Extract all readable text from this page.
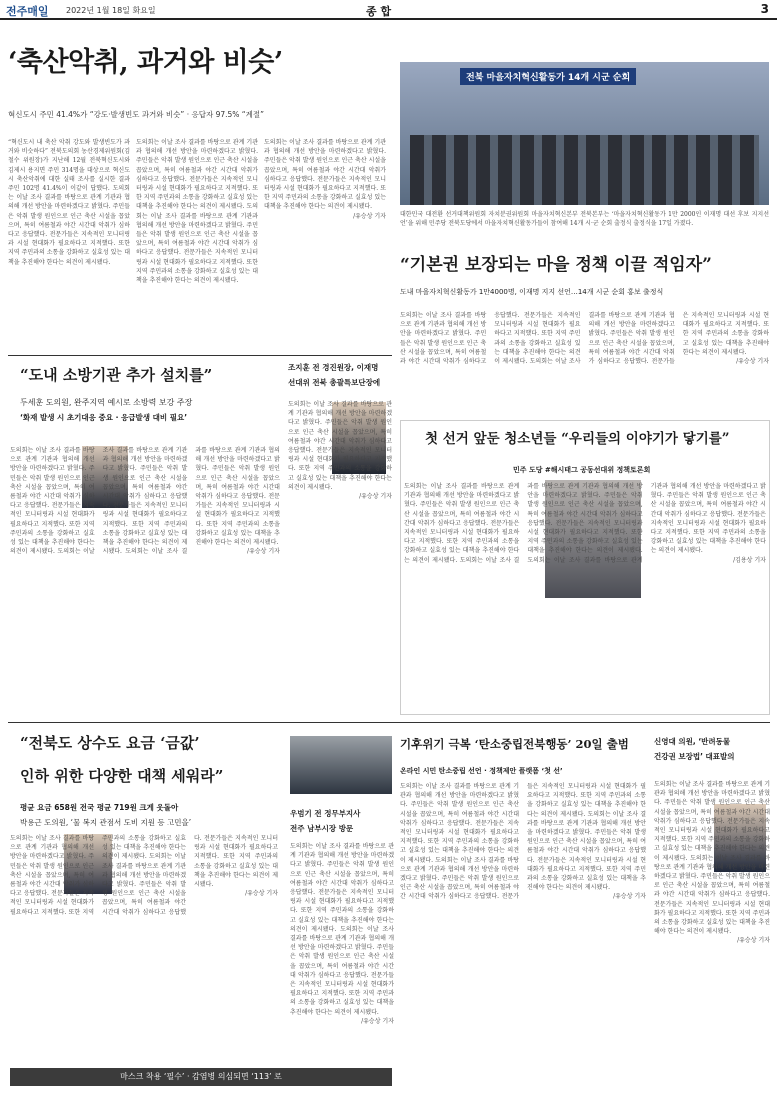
전주매일 2022년 1월 18일 화요일	종 합	3
‘축산악취, 과거와 비슷’
혁신도시 주민 41.4%가 “강도·발생빈도 과거와 비슷” · 응답자 97.5% “계절”
“혁신도시 내 축산 악취 강도와 발생빈도가 과거와 비슷하다” 전북도의회 농산경제위원회(김철수 위원장)가 지난해 12월 전북혁신도시와 김제시 용지면 주민 314명을 대상으로 혁신도시 축산악취에 대한 실태 조사를 실시한 결과 주민 102명 41.4%이 이같이 답했다. 도의회는 이날 조사 결과를 바탕으로 관계 기관과 협의해 개선 방안을 마련하겠다고 밝혔다. 주민들은 악취 발생 원인으로 인근 축산 시설을 꼽았으며, 특히 여름철과 야간 시간대 악취가 심하다고 응답했다. 전문가들은 지속적인 모니터링과 시설 현대화가 필요하다고 지적했다. 또한 지역 주민과의 소통을 강화하고 실효성 있는 대책을 추진해야 한다는 의견이 제시됐다.
도의회는 이날 조사 결과를 바탕으로 관계 기관과 협의해 개선 방안을 마련하겠다고 밝혔다. 주민들은 악취 발생 원인으로 인근 축산 시설을 꼽았으며, 특히 여름철과 야간 시간대 악취가 심하다고 응답했다. 전문가들은 지속적인 모니터링과 시설 현대화가 필요하다고 지적했다. 또한 지역 주민과의 소통을 강화하고 실효성 있는 대책을 추진해야 한다는 의견이 제시됐다. 도의회는 이날 조사 결과를 바탕으로 관계 기관과 협의해 개선 방안을 마련하겠다고 밝혔다. 주민들은 악취 발생 원인으로 인근 축산 시설을 꼽았으며, 특히 여름철과 야간 시간대 악취가 심하다고 응답했다. 전문가들은 지속적인 모니터링과 시설 현대화가 필요하다고 지적했다. 또한 지역 주민과의 소통을 강화하고 실효성 있는 대책을 추진해야 한다는 의견이 제시됐다.
도의회는 이날 조사 결과를 바탕으로 관계 기관과 협의해 개선 방안을 마련하겠다고 밝혔다. 주민들은 악취 발생 원인으로 인근 축산 시설을 꼽았으며, 특히 여름철과 야간 시간대 악취가 심하다고 응답했다. 전문가들은 지속적인 모니터링과 시설 현대화가 필요하다고 지적했다. 또한 지역 주민과의 소통을 강화하고 실효성 있는 대책을 추진해야 한다는 의견이 제시됐다.
/유승상 기자
전북 마을자치혁신활동가 14개 시군 순회
대한민국 대전환 선거대책위원회 자치분권위원회 마을자치혁신본부 전북본부는 ‘마을자치혁신활동가 1만 2000인 이재명 대선 후보 지지선언’을 위해 민주당 전북도당에서 마을자치혁신활동가들이 참여해 14개 시·군 순회 출정식 출정식을 17일 가졌다.
“기본권 보장되는 마을 정책 이끌 적임자”
도내 마을자치혁신활동가 1만4000명, 이재명 지지 선언…14개 시군 순회 홍보 출정식
도의회는 이날 조사 결과를 바탕으로 관계 기관과 협의해 개선 방안을 마련하겠다고 밝혔다. 주민들은 악취 발생 원인으로 인근 축산 시설을 꼽았으며, 특히 여름철과 야간 시간대 악취가 심하다고 응답했다. 전문가들은 지속적인 모니터링과 시설 현대화가 필요하다고 지적했다. 또한 지역 주민과의 소통을 강화하고 실효성 있는 대책을 추진해야 한다는 의견이 제시됐다. 도의회는 이날 조사 결과를 바탕으로 관계 기관과 협의해 개선 방안을 마련하겠다고 밝혔다. 주민들은 악취 발생 원인으로 인근 축산 시설을 꼽았으며, 특히 여름철과 야간 시간대 악취가 심하다고 응답했다. 전문가들은 지속적인 모니터링과 시설 현대화가 필요하다고 지적했다. 또한 지역 주민과의 소통을 강화하고 실효성 있는 대책을 추진해야 한다는 의견이 제시됐다.
/유승상 기자
“도내 소방기관 추가 설치를”
두세훈 도의원, 완주지역 예시로 소방력 보강 주장
‘화재 발생 시 초기대응 중요 · 응급발생 대비 필요’
도의회는 이날 조사 결과를 바탕으로 관계 기관과 협의해 개선 방안을 마련하겠다고 밝혔다. 주민들은 악취 발생 원인으로 인근 축산 시설을 꼽았으며, 특히 여름철과 야간 시간대 악취가 심하다고 응답했다. 전문가들은 지속적인 모니터링과 시설 현대화가 필요하다고 지적했다. 또한 지역 주민과의 소통을 강화하고 실효성 있는 대책을 추진해야 한다는 의견이 제시됐다. 도의회는 이날 조사 결과를 바탕으로 관계 기관과 협의해 개선 방안을 마련하겠다고 밝혔다. 주민들은 악취 발생 원인으로 인근 축산 시설을 꼽았으며, 특히 여름철과 야간 시간대 악취가 심하다고 응답했다. 전문가들은 지속적인 모니터링과 시설 현대화가 필요하다고 지적했다. 또한 지역 주민과의 소통을 강화하고 실효성 있는 대책을 추진해야 한다는 의견이 제시됐다. 도의회는 이날 조사 결과를 바탕으로 관계 기관과 협의해 개선 방안을 마련하겠다고 밝혔다. 주민들은 악취 발생 원인으로 인근 축산 시설을 꼽았으며, 특히 여름철과 야간 시간대 악취가 심하다고 응답했다. 전문가들은 지속적인 모니터링과 시설 현대화가 필요하다고 지적했다. 또한 지역 주민과의 소통을 강화하고 실효성 있는 대책을 추진해야 한다는 의견이 제시됐다.
/유승상 기자
조지훈 전 경진원장, 이재명
선대위 전북 총괄특보단장에
도의회는 이날 조사 결과를 바탕으로 관계 기관과 협의해 개선 방안을 마련하겠다고 밝혔다. 주민들은 악취 발생 원인으로 인근 축산 시설을 꼽았으며, 특히 여름철과 야간 시간대 악취가 심하다고 응답했다. 전문가들은 지속적인 모니터링과 시설 현대화가 필요하다고 지적했다. 또한 지역 주민과의 소통을 강화하고 실효성 있는 대책을 추진해야 한다는 의견이 제시됐다.
/유승상 기자
첫 선거 앞둔 청소년들 “우리들의 이야기가 닿기를”
민주 도당 #해시태그 공동선대위 정책토론회
도의회는 이날 조사 결과를 바탕으로 관계 기관과 협의해 개선 방안을 마련하겠다고 밝혔다. 주민들은 악취 발생 원인으로 인근 축산 시설을 꼽았으며, 특히 여름철과 야간 시간대 악취가 심하다고 응답했다. 전문가들은 지속적인 모니터링과 시설 현대화가 필요하다고 지적했다. 또한 지역 주민과의 소통을 강화하고 실효성 있는 대책을 추진해야 한다는 의견이 제시됐다. 도의회는 이날 조사 결과를 바탕으로 관계 기관과 협의해 개선 방안을 마련하겠다고 밝혔다. 주민들은 악취 발생 원인으로 인근 축산 시설을 꼽았으며, 특히 여름철과 야간 시간대 악취가 심하다고 응답했다. 전문가들은 지속적인 모니터링과 시설 현대화가 필요하다고 지적했다. 또한 지역 주민과의 소통을 강화하고 실효성 있는 대책을 추진해야 한다는 의견이 제시됐다. 도의회는 이날 조사 결과를 바탕으로 관계 기관과 협의해 개선 방안을 마련하겠다고 밝혔다. 주민들은 악취 발생 원인으로 인근 축산 시설을 꼽았으며, 특히 여름철과 야간 시간대 악취가 심하다고 응답했다. 전문가들은 지속적인 모니터링과 시설 현대화가 필요하다고 지적했다. 또한 지역 주민과의 소통을 강화하고 실효성 있는 대책을 추진해야 한다는 의견이 제시됐다.
/김용상 기자
“전북도 상수도 요금 ‘금값’
인하 위한 다양한 대책 세워라”
평균 요금 658원 전국 평균 719원 크게 웃돌아
박용근 도의원, ‘물 복지 관점서 도비 지원 등 고민을’
도의회는 이날 조사 결과를 바탕으로 관계 기관과 협의해 개선 방안을 마련하겠다고 밝혔다. 주민들은 악취 발생 원인으로 인근 축산 시설을 꼽았으며, 특히 여름철과 야간 시간대 악취가 심하다고 응답했다. 전문가들은 지속적인 모니터링과 시설 현대화가 필요하다고 지적했다. 또한 지역 주민과의 소통을 강화하고 실효성 있는 대책을 추진해야 한다는 의견이 제시됐다. 도의회는 이날 조사 결과를 바탕으로 관계 기관과 협의해 개선 방안을 마련하겠다고 밝혔다. 주민들은 악취 발생 원인으로 인근 축산 시설을 꼽았으며, 특히 여름철과 야간 시간대 악취가 심하다고 응답했다. 전문가들은 지속적인 모니터링과 시설 현대화가 필요하다고 지적했다. 또한 지역 주민과의 소통을 강화하고 실효성 있는 대책을 추진해야 한다는 의견이 제시됐다.
/유승상 기자
마스크 착용 ‘필수’ · 감염병 의심되면 ‘113’ 로
우범기 전 정무부지사
전주 남부시장 방문
도의회는 이날 조사 결과를 바탕으로 관계 기관과 협의해 개선 방안을 마련하겠다고 밝혔다. 주민들은 악취 발생 원인으로 인근 축산 시설을 꼽았으며, 특히 여름철과 야간 시간대 악취가 심하다고 응답했다. 전문가들은 지속적인 모니터링과 시설 현대화가 필요하다고 지적했다. 또한 지역 주민과의 소통을 강화하고 실효성 있는 대책을 추진해야 한다는 의견이 제시됐다. 도의회는 이날 조사 결과를 바탕으로 관계 기관과 협의해 개선 방안을 마련하겠다고 밝혔다. 주민들은 악취 발생 원인으로 인근 축산 시설을 꼽았으며, 특히 여름철과 야간 시간대 악취가 심하다고 응답했다. 전문가들은 지속적인 모니터링과 시설 현대화가 필요하다고 지적했다. 또한 지역 주민과의 소통을 강화하고 실효성 있는 대책을 추진해야 한다는 의견이 제시됐다.
/유승상 기자
기후위기 극복 ‘탄소중립전북행동’ 20일 출범
온라인 시민 탄소중립 선언 · 정책제안 플랫폼 ‘첫 선’
도의회는 이날 조사 결과를 바탕으로 관계 기관과 협의해 개선 방안을 마련하겠다고 밝혔다. 주민들은 악취 발생 원인으로 인근 축산 시설을 꼽았으며, 특히 여름철과 야간 시간대 악취가 심하다고 응답했다. 전문가들은 지속적인 모니터링과 시설 현대화가 필요하다고 지적했다. 또한 지역 주민과의 소통을 강화하고 실효성 있는 대책을 추진해야 한다는 의견이 제시됐다. 도의회는 이날 조사 결과를 바탕으로 관계 기관과 협의해 개선 방안을 마련하겠다고 밝혔다. 주민들은 악취 발생 원인으로 인근 축산 시설을 꼽았으며, 특히 여름철과 야간 시간대 악취가 심하다고 응답했다. 전문가들은 지속적인 모니터링과 시설 현대화가 필요하다고 지적했다. 또한 지역 주민과의 소통을 강화하고 실효성 있는 대책을 추진해야 한다는 의견이 제시됐다. 도의회는 이날 조사 결과를 바탕으로 관계 기관과 협의해 개선 방안을 마련하겠다고 밝혔다. 주민들은 악취 발생 원인으로 인근 축산 시설을 꼽았으며, 특히 여름철과 야간 시간대 악취가 심하다고 응답했다. 전문가들은 지속적인 모니터링과 시설 현대화가 필요하다고 지적했다. 또한 지역 주민과의 소통을 강화하고 실효성 있는 대책을 추진해야 한다는 의견이 제시됐다.
/유승상 기자
신영대 의원, ‘반려동물
건강권 보장법’ 대표발의
도의회는 이날 조사 결과를 바탕으로 관계 기관과 협의해 개선 방안을 마련하겠다고 밝혔다. 주민들은 악취 발생 원인으로 인근 축산 시설을 꼽았으며, 특히 여름철과 야간 시간대 악취가 심하다고 응답했다. 전문가들은 지속적인 모니터링과 시설 현대화가 필요하다고 지적했다. 또한 지역 주민과의 소통을 강화하고 실효성 있는 대책을 추진해야 한다는 의견이 제시됐다. 도의회는 이날 조사 결과를 바탕으로 관계 기관과 협의해 개선 방안을 마련하겠다고 밝혔다. 주민들은 악취 발생 원인으로 인근 축산 시설을 꼽았으며, 특히 여름철과 야간 시간대 악취가 심하다고 응답했다. 전문가들은 지속적인 모니터링과 시설 현대화가 필요하다고 지적했다. 또한 지역 주민과의 소통을 강화하고 실효성 있는 대책을 추진해야 한다는 의견이 제시됐다.
/유승상 기자
